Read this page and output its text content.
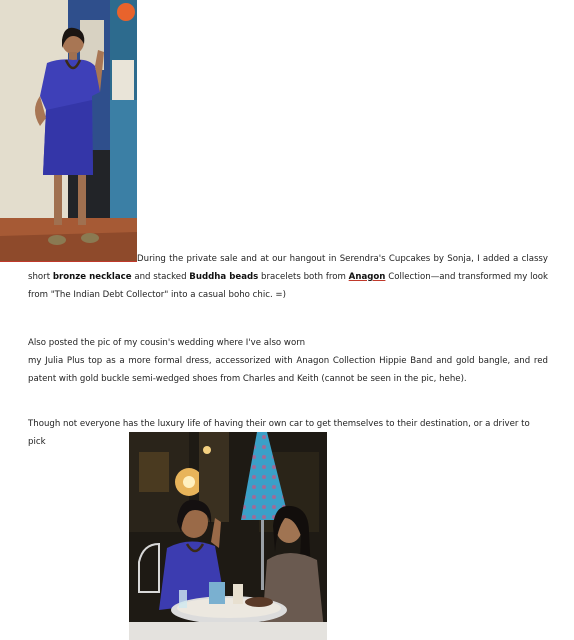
During the private sale and at our hangout in Serendra's Cupcakes by Sonja, I added a classy short bronze necklace and stacked Buddha beads bracelets both from Anagon Collection—and transformed my look from "The Indian Debt Collector" into a casual boho chic. =)

Also posted the pic of my cousin's wedding where I've also worn
my Julia Plus top as a more formal dress, accessorized with Anagon Collection Hippie Band and gold bangle, and red patent with gold buckle semi-wedged shoes from Charles and Keith (cannot be seen in the pic, hehe).
Though not everyone has the luxury life of having their own car to get themselves to their destination, or a driver to pick
